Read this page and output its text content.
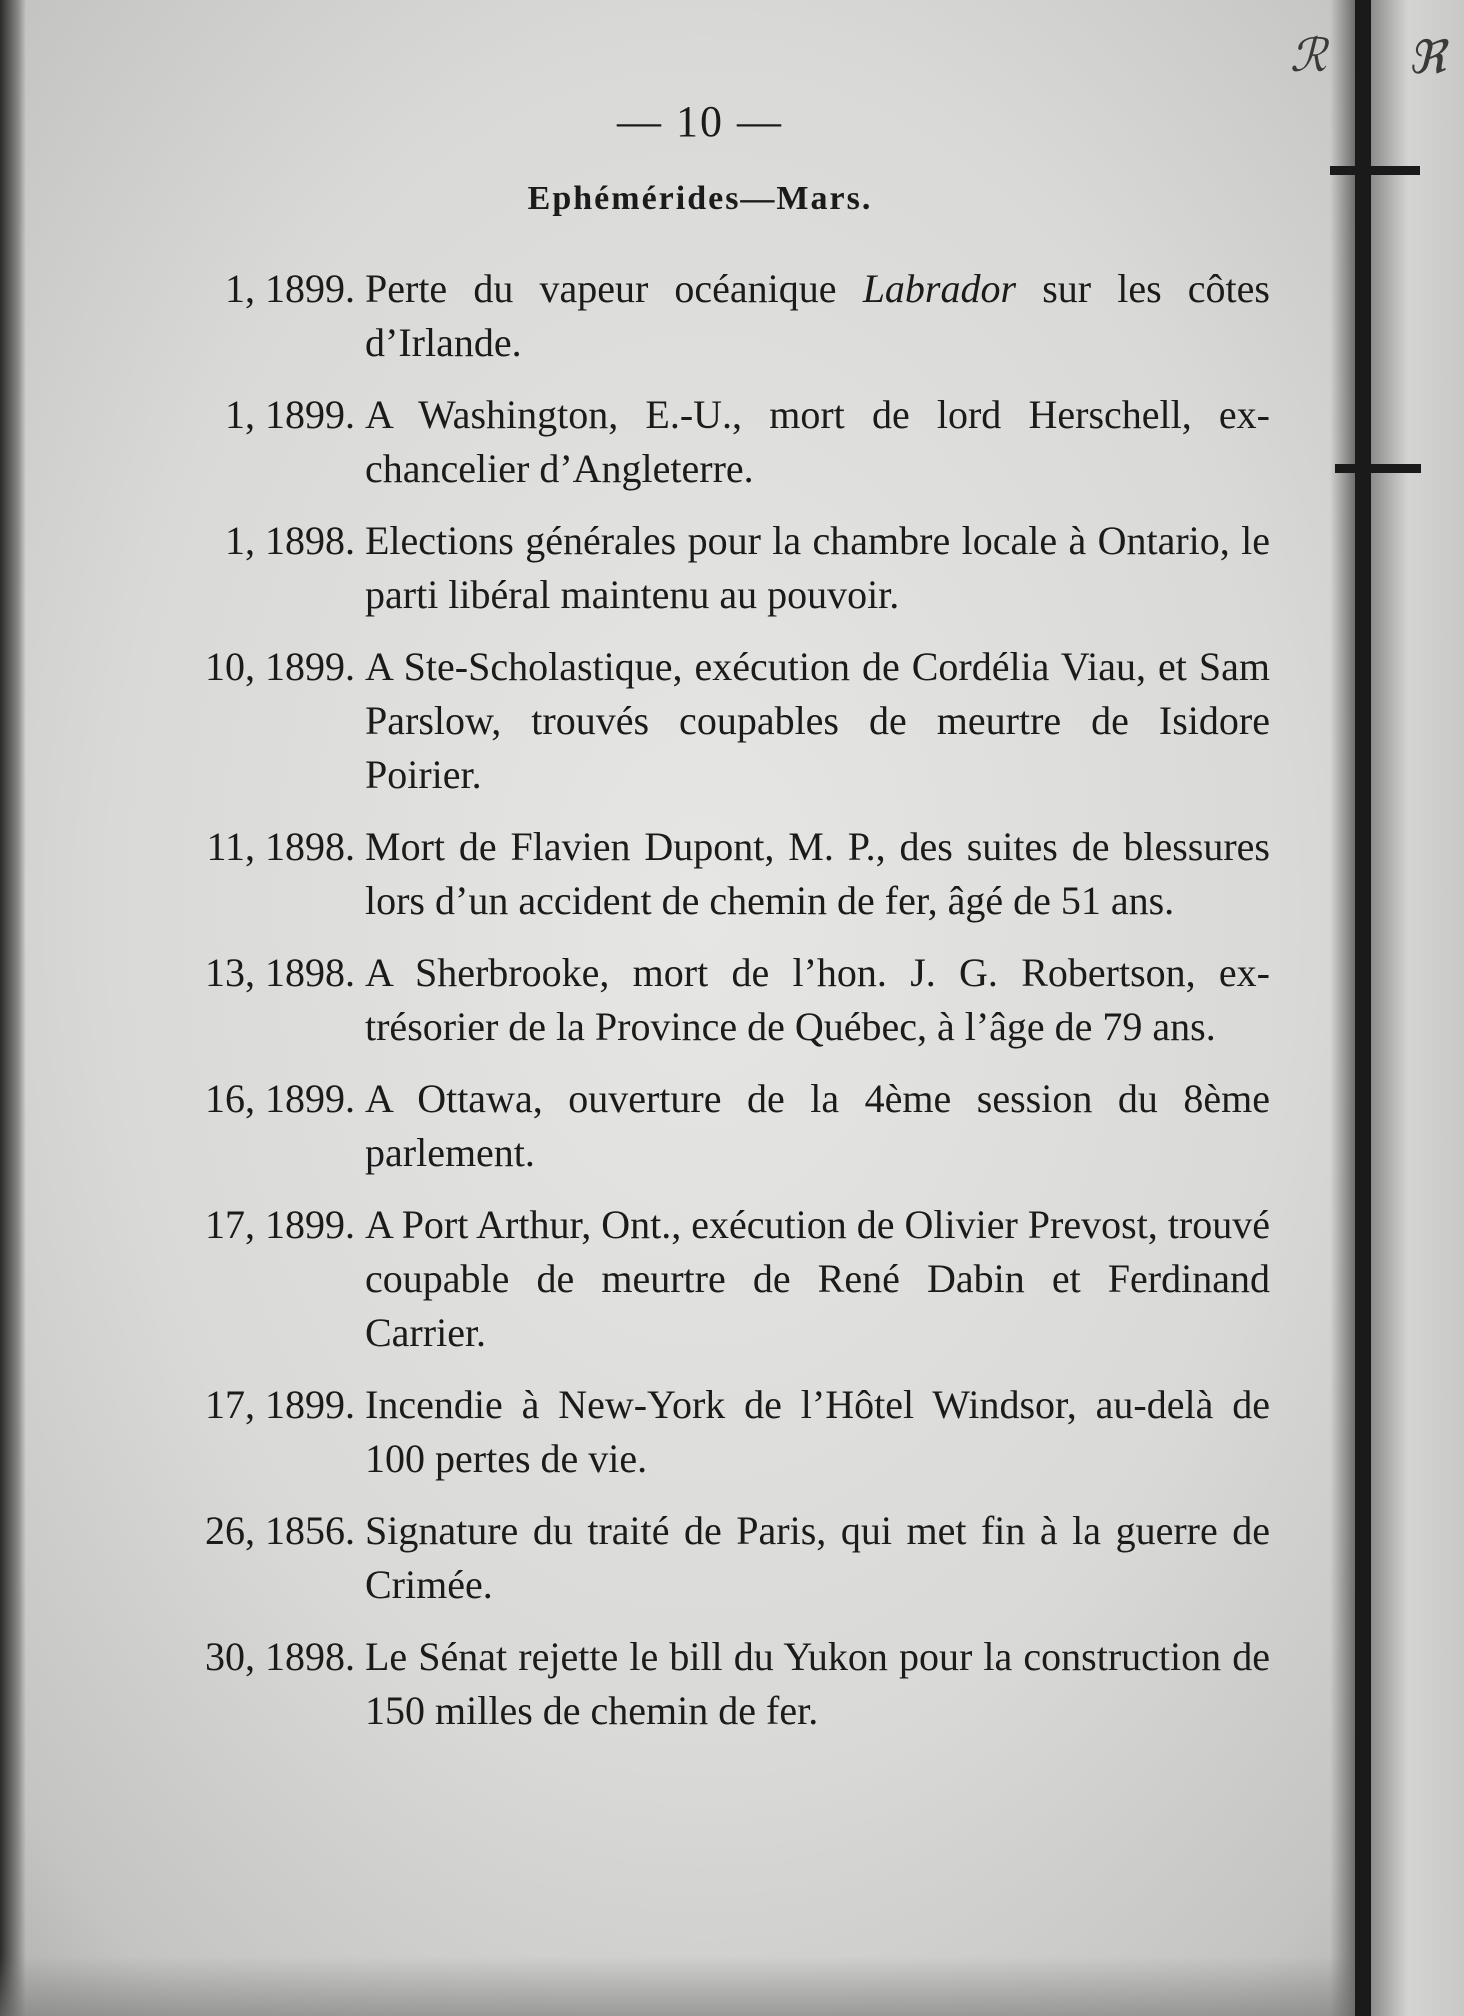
ℛ ℜ
— 10 —
Ephémérides—Mars.
1, 1899. Perte du vapeur océanique Labrador sur les côtes d’Irlande.
1, 1899. A Washington, E.-U., mort de lord Herschell, ex-chancelier d’Angleterre.
1, 1898. Elections générales pour la chambre locale à Ontario, le parti libéral maintenu au pouvoir.
10, 1899. A Ste-Scholastique, exécution de Cordélia Viau, et Sam Parslow, trouvés coupables de meurtre de Isidore Poirier.
11, 1898. Mort de Flavien Dupont, M. P., des suites de blessures lors d’un accident de chemin de fer, âgé de 51 ans.
13, 1898. A Sherbrooke, mort de l’hon. J. G. Robertson, ex-trésorier de la Province de Québec, à l’âge de 79 ans.
16, 1899. A Ottawa, ouverture de la 4ème session du 8ème parlement.
17, 1899. A Port Arthur, Ont., exécution de Olivier Prevost, trouvé coupable de meurtre de René Dabin et Ferdinand Carrier.
17, 1899. Incendie à New-York de l’Hôtel Windsor, au-delà de 100 pertes de vie.
26, 1856. Signature du traité de Paris, qui met fin à la guerre de Crimée.
30, 1898. Le Sénat rejette le bill du Yukon pour la construction de 150 milles de chemin de fer.
